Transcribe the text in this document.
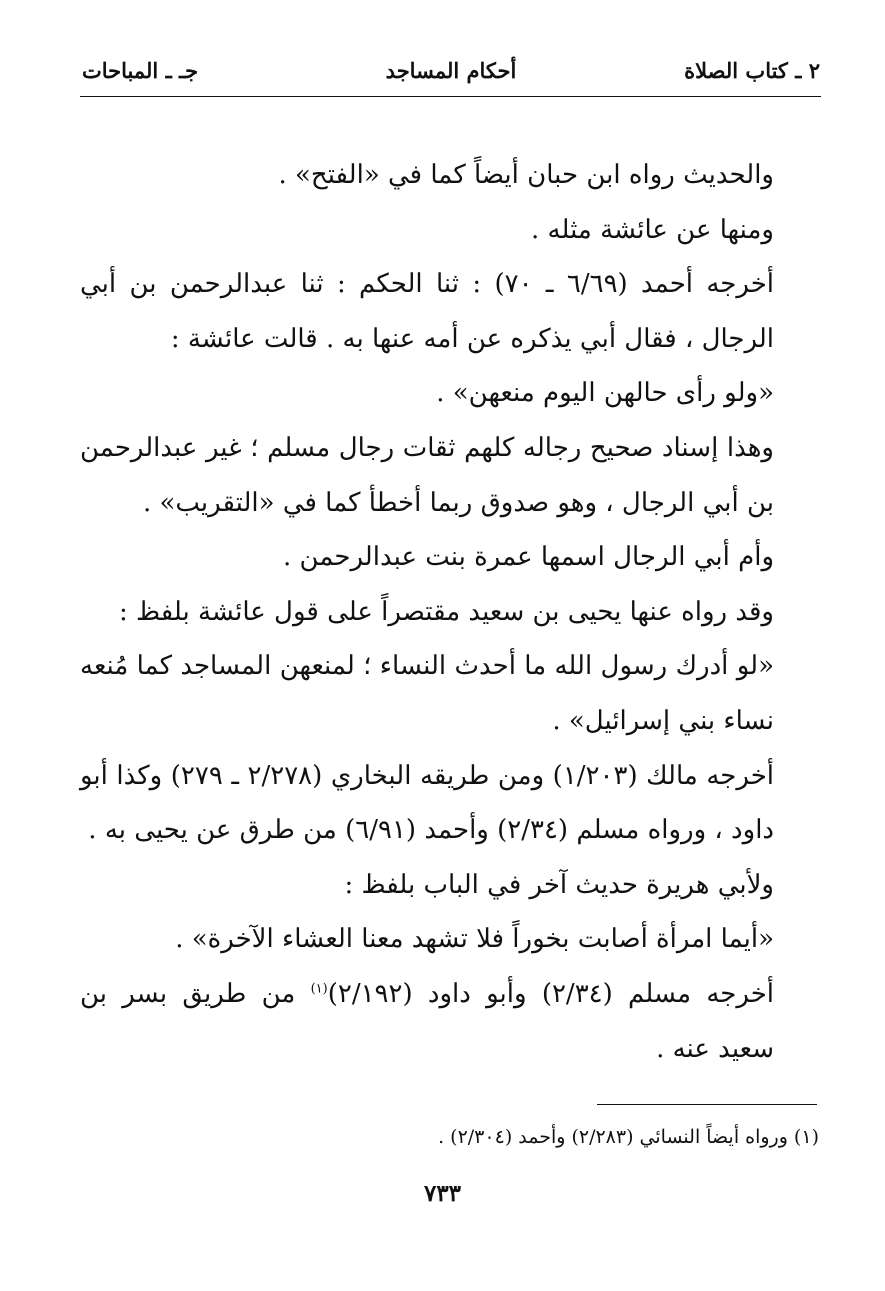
٢ ـ كتاب الصلاة
أحكام المساجد
جـ ـ المباحات

والحديث رواه ابن حبان أيضاً كما في «الفتح» .

ومنها عن عائشة مثله .

أخرجه أحمد (٦/٦٩ ـ ٧٠) : ثنا الحكم : ثنا عبدالرحمن بن أبي الرجال ، فقال أبي يذكره عن أمه عنها به . قالت عائشة :

«ولو رأى حالهن اليوم منعهن» .

وهذا إسناد صحيح رجاله كلهم ثقات رجال مسلم ؛ غير عبدالرحمن بن أبي الرجال ، وهو صدوق ربما أخطأ كما في «التقريب» .

وأم أبي الرجال اسمها عمرة بنت عبدالرحمن .

وقد رواه عنها يحيى بن سعيد مقتصراً على قول عائشة بلفظ :

«لو أدرك رسول الله ما أحدث النساء ؛ لمنعهن المساجد كما مُنعه نساء بني إسرائيل» .

أخرجه مالك (١/٢٠٣) ومن طريقه البخاري (٢/٢٧٨ ـ ٢٧٩) وكذا أبو داود ، ورواه مسلم (٢/٣٤) وأحمد (٦/٩١) من طرق عن يحيى به .

ولأبي هريرة حديث آخر في الباب بلفظ :

«أيما امرأة أصابت بخوراً فلا تشهد معنا العشاء الآخرة» .

أخرجه مسلم (٢/٣٤) وأبو داود (٢/١٩٢)$^{(١)}$ من طريق بسر بن سعيد عنه .

(١) ورواه أيضاً النسائي (٢/٢٨٣) وأحمد (٢/٣٠٤) .
٧٣٣
